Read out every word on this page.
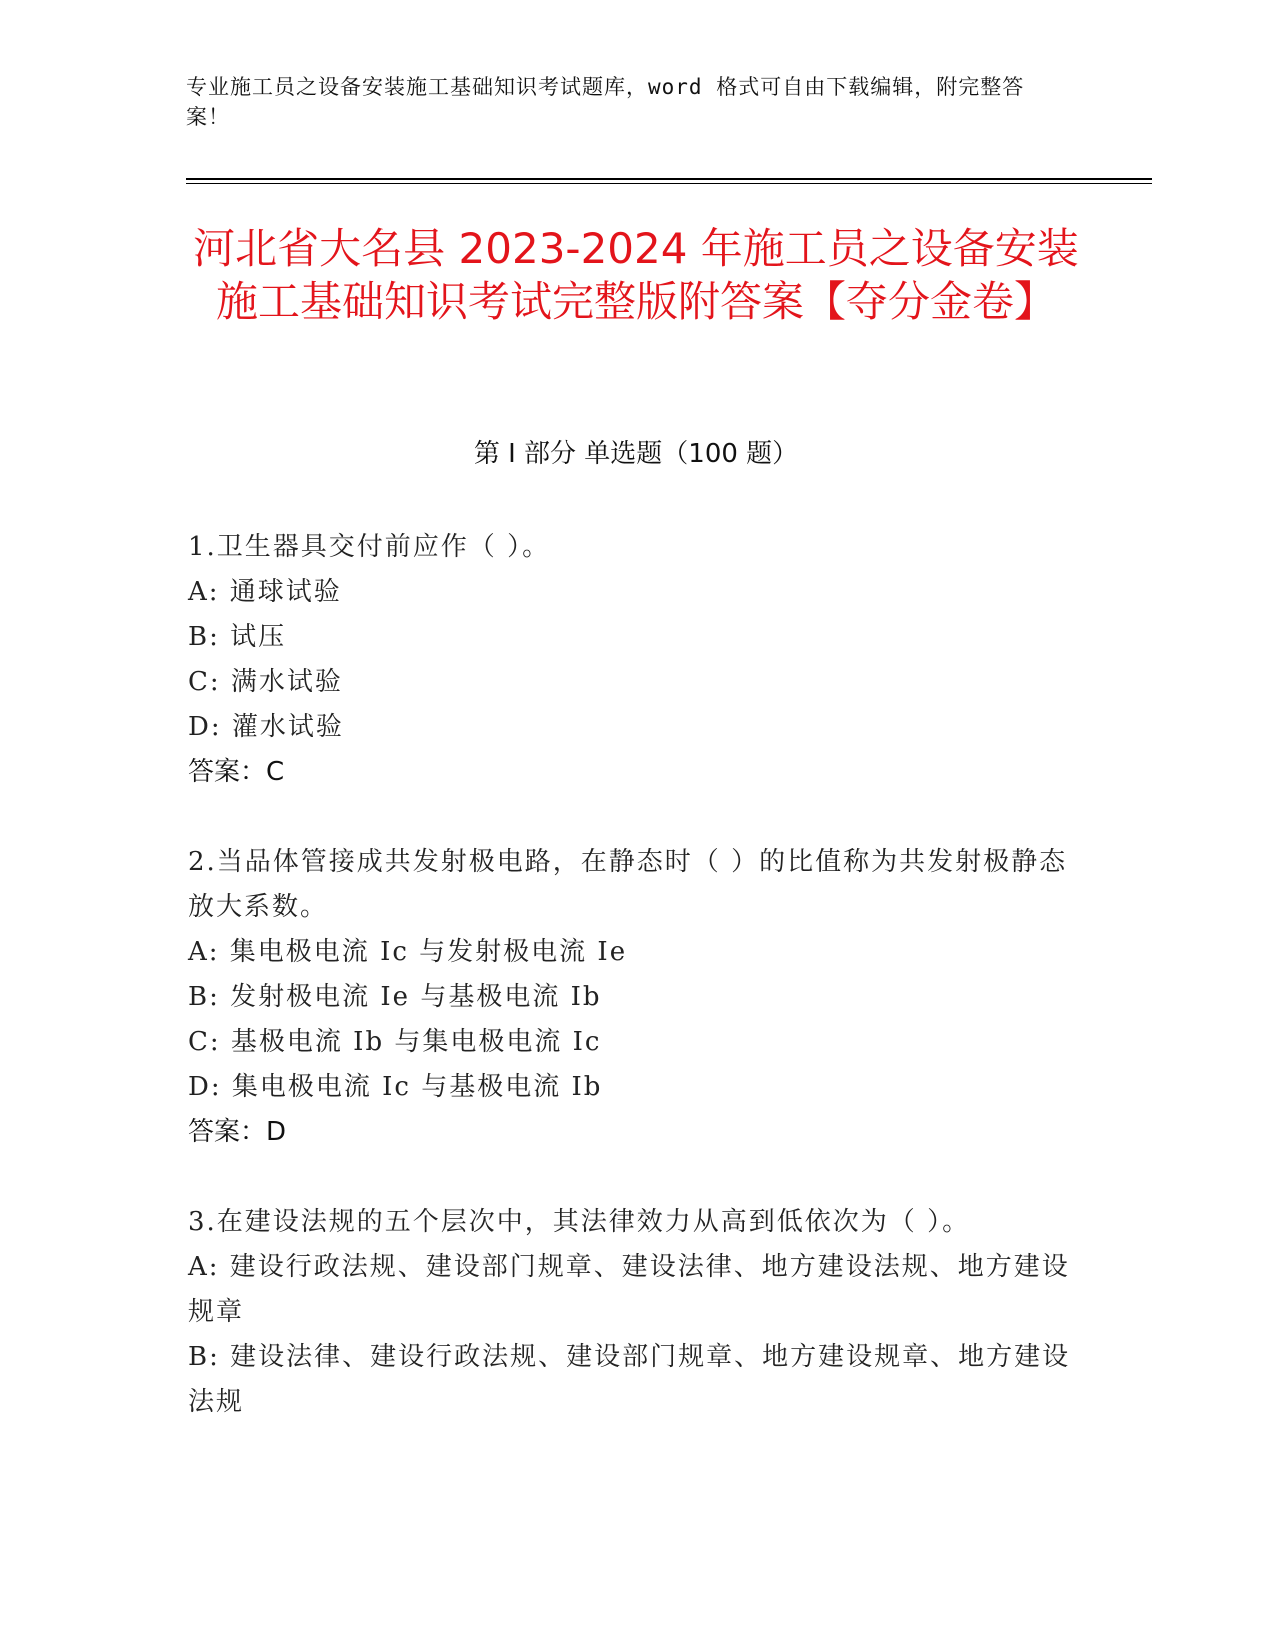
专业施工员之设备安装施工基础知识考试题库，word 格式可自由下载编辑，附完整答案！
河北省大名县 2023-2024 年施工员之设备安装施工基础知识考试完整版附答案【夺分金卷】
第 I 部分 单选题（100 题）

1.卫生器具交付前应作（ ）。

A: 通球试验

B: 试压

C: 满水试验

D: 灌水试验

答案：C

2.当品体管接成共发射极电路，在静态时（ ）的比值称为共发射极静态放大系数。

A: 集电极电流 Ic 与发射极电流 Ie

B: 发射极电流 Ie 与基极电流 Ib

C: 基极电流 Ib 与集电极电流 Ic

D: 集电极电流 Ic 与基极电流 Ib

答案：D

3.在建设法规的五个层次中，其法律效力从高到低依次为（ ）。

A: 建设行政法规、建设部门规章、建设法律、地方建设法规、地方建设规章

B: 建设法律、建设行政法规、建设部门规章、地方建设规章、地方建设法规
